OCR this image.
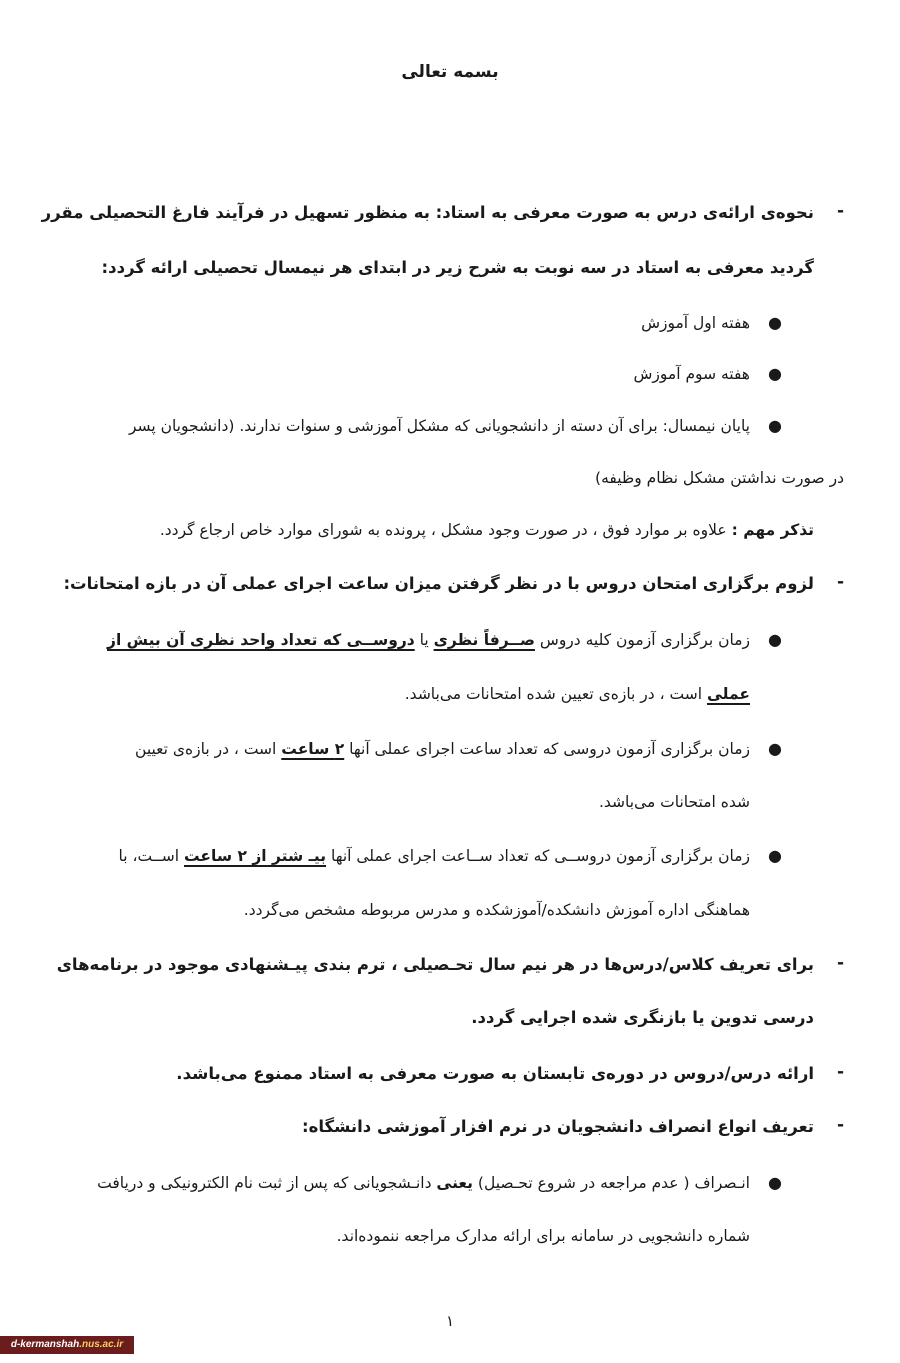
بسمه تعالی
-
نحوه‌ی ارائه‌ی درس به صورت معرفی به استاد: به منظور تسهیل در فرآیند فارغ التحصیلی مقرر
گردید معرفی به استاد در سه نوبت به شرح زیر در ابتدای هر نیمسال تحصیلی ارائه گردد:
●
هفته اول آموزش
●
هفته سوم آموزش
●
پایان نیمسال: برای آن دسته از دانشجویانی که مشکل آموزشی و سنوات ندارند. (دانشجویان پسر
در صورت نداشتن مشکل نظام وظیفه)
تذکر مهم : علاوه بر موارد فوق ، در صورت وجود مشکل ، پرونده به شورای موارد خاص ارجاع گردد.
-
لزوم برگزاری امتحان دروس با در نظر گرفتن میزان ساعت اجرای عملی آن در بازه امتحانات:
●
زمان برگزاری آزمون کلیه دروس صــرفاً نظری یا دروســی که تعداد واحد نظری آن بیش از
عملی است ، در بازه‌ی تعیین شده امتحانات می‌باشد.
●
زمان برگزاری آزمون دروسی که تعداد ساعت اجرای عملی آنها ۲ ساعت است ، در بازه‌ی تعیین
شده امتحانات می‌باشد.
●
زمان برگزاری آزمون دروســی که تعداد ســاعت اجرای عملی آنها بیـ شتر از ۲ ساعت اســت، با
هماهنگی اداره آموزش دانشکده/آموزشکده و مدرس مربوطه مشخص می‌گردد.
-
برای تعریف کلاس/درس‌ها در هر نیم سال تحـصیلی ، ترم بندی پیـشنهادی موجود در برنامه‌های
درسی تدوین یا بازنگری شده اجرایی گردد.
-
ارائه درس/دروس در دوره‌ی تابستان به صورت معرفی به استاد ممنوع می‌باشد.
-
تعریف انواع انصراف دانشجویان در نرم افزار آموزشی دانشگاه:
●
انـصراف ( عدم مراجعه در شروع تحـصیل) یعنی دانـشجویانی که پس از ثبت نام الکترونیکی و دریافت
شماره دانشجویی در سامانه برای ارائه مدارک مراجعه ننموده‌اند.
۱
d-kermanshah.nus.ac.ir
